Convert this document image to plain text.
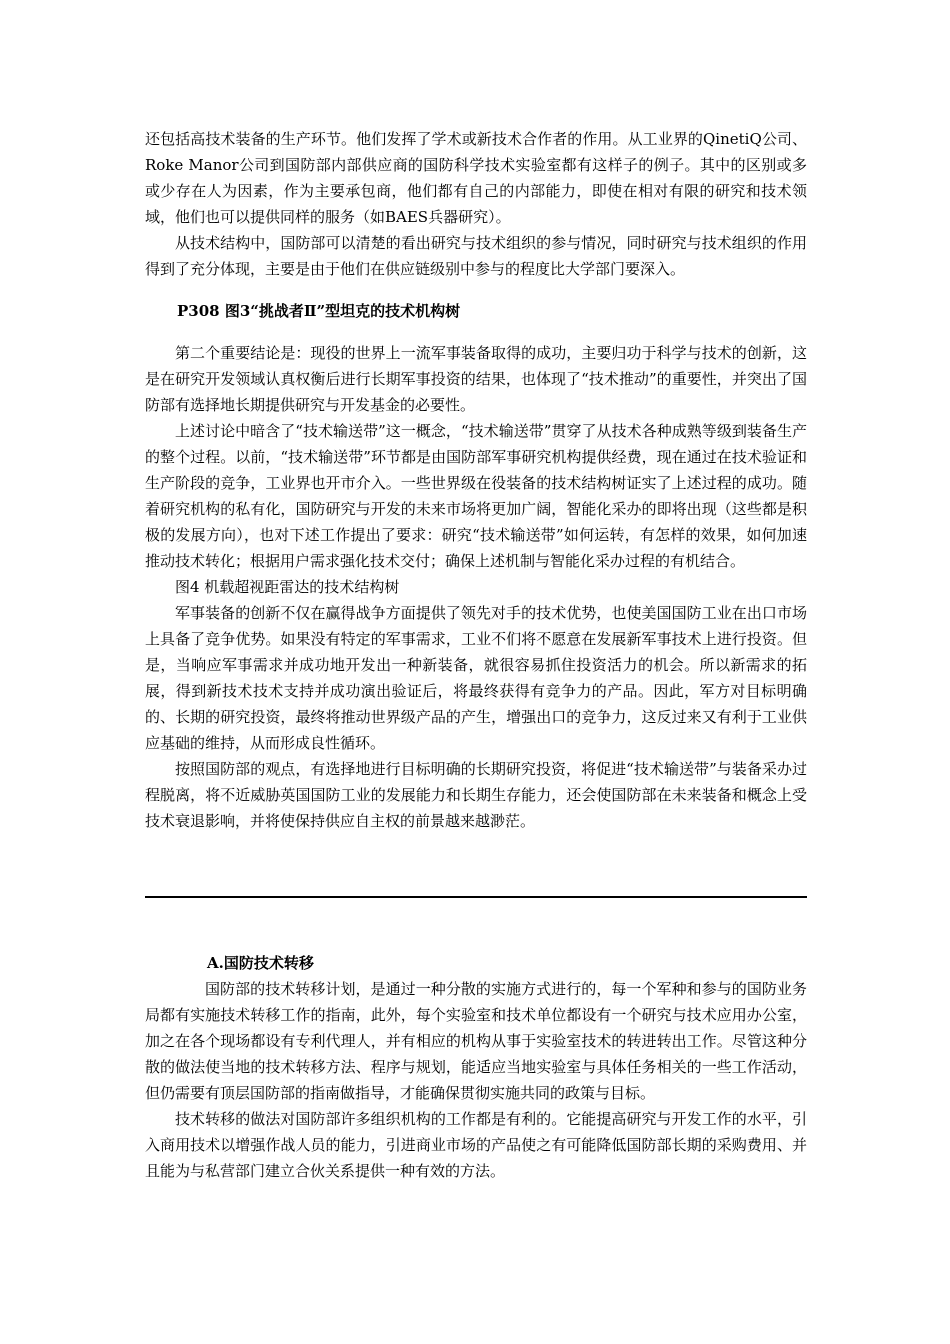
还包括高技术装备的生产环节。他们发挥了学术或新技术合作者的作用。从工业界的QinetiQ公司、Roke Manor公司到国防部内部供应商的国防科学技术实验室都有这样子的例子。其中的区别或多或少存在人为因素，作为主要承包商，他们都有自己的内部能力，即使在相对有限的研究和技术领域，他们也可以提供同样的服务（如BAES兵器研究）。

从技术结构中，国防部可以清楚的看出研究与技术组织的参与情况，同时研究与技术组织的作用得到了充分体现，主要是由于他们在供应链级别中参与的程度比大学部门要深入。

P308 图3“挑战者Ⅱ”型坦克的技术机构树

第二个重要结论是：现役的世界上一流军事装备取得的成功，主要归功于科学与技术的创新，这是在研究开发领域认真权衡后进行长期军事投资的结果，也体现了“技术推动”的重要性，并突出了国防部有选择地长期提供研究与开发基金的必要性。

上述讨论中暗含了“技术输送带”这一概念，“技术输送带”贯穿了从技术各种成熟等级到装备生产的整个过程。以前，“技术输送带”环节都是由国防部军事研究机构提供经费，现在通过在技术验证和生产阶段的竞争，工业界也开市介入。一些世界级在役装备的技术结构树证实了上述过程的成功。随着研究机构的私有化，国防研究与开发的未来市场将更加广阔，智能化采办的即将出现（这些都是积极的发展方向），也对下述工作提出了要求：研究“技术输送带”如何运转，有怎样的效果，如何加速推动技术转化；根据用户需求强化技术交付；确保上述机制与智能化采办过程的有机结合。

图4 机载超视距雷达的技术结构树

军事装备的创新不仅在赢得战争方面提供了领先对手的技术优势，也使美国国防工业在出口市场上具备了竞争优势。如果没有特定的军事需求，工业不们将不愿意在发展新军事技术上进行投资。但是，当响应军事需求并成功地开发出一种新装备，就很容易抓住投资活力的机会。所以新需求的拓展，得到新技术技术支持并成功演出验证后，将最终获得有竞争力的产品。因此，军方对目标明确的、长期的研究投资，最终将推动世界级产品的产生，增强出口的竞争力，这反过来又有利于工业供应基础的维持，从而形成良性循环。

按照国防部的观点，有选择地进行目标明确的长期研究投资，将促进“技术输送带”与装备采办过程脱离，将不近威胁英国国防工业的发展能力和长期生存能力，还会使国防部在未来装备和概念上受技术衰退影响，并将使保持供应自主权的前景越来越渺茫。

A.国防技术转移

国防部的技术转移计划，是通过一种分散的实施方式进行的，每一个军种和参与的国防业务局都有实施技术转移工作的指南，此外，每个实验室和技术单位都设有一个研究与技术应用办公室，加之在各个现场都设有专利代理人，并有相应的机构从事于实验室技术的转进转出工作。尽管这种分散的做法使当地的技术转移方法、程序与规划，能适应当地实验室与具体任务相关的一些工作活动，但仍需要有顶层国防部的指南做指导，才能确保贯彻实施共同的政策与目标。

技术转移的做法对国防部许多组织机构的工作都是有利的。它能提高研究与开发工作的水平，引入商用技术以增强作战人员的能力，引进商业市场的产品使之有可能降低国防部长期的采购费用、并且能为与私营部门建立合伙关系提供一种有效的方法。
